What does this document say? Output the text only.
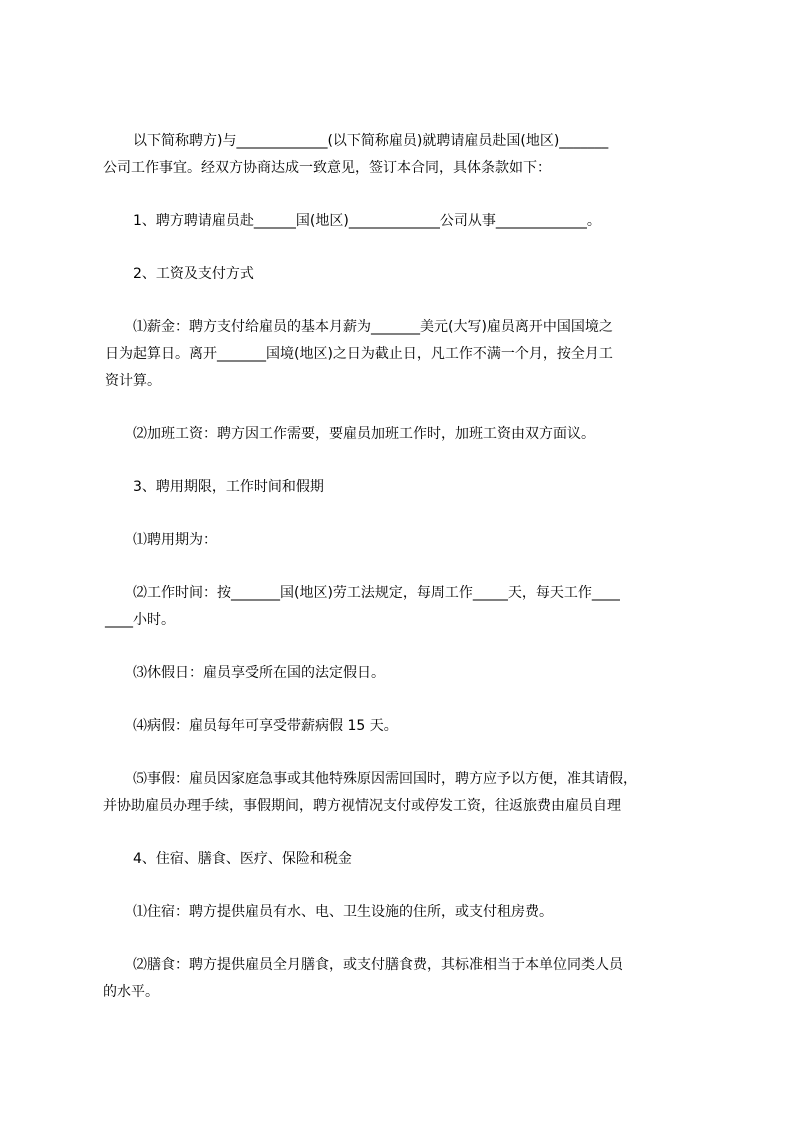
以下简称聘方)与_____________(以下简称雇员)就聘请雇员赴国(地区)_______
公司工作事宜。经双方协商达成一致意见，签订本合同，具体条款如下：
1、聘方聘请雇员赴______国(地区)_____________公司从事_____________。
2、工资及支付方式
⑴薪金：聘方支付给雇员的基本月薪为_______美元(大写)雇员离开中国国境之
日为起算日。离开_______国境(地区)之日为截止日，凡工作不满一个月，按全月工
资计算。
⑵加班工资：聘方因工作需要，要雇员加班工作时，加班工资由双方面议。
3、聘用期限，工作时间和假期
⑴聘用期为：
⑵工作时间：按_______国(地区)劳工法规定，每周工作_____天，每天工作____
____小时。
⑶休假日：雇员享受所在国的法定假日。
⑷病假：雇员每年可享受带薪病假 15 天。
⑸事假：雇员因家庭急事或其他特殊原因需回国时，聘方应予以方便，准其请假，
并协助雇员办理手续，事假期间，聘方视情况支付或停发工资，往返旅费由雇员自理
4、住宿、膳食、医疗、保险和税金
⑴住宿：聘方提供雇员有水、电、卫生设施的住所，或支付租房费。
⑵膳食：聘方提供雇员全月膳食，或支付膳食费，其标准相当于本单位同类人员
的水平。
